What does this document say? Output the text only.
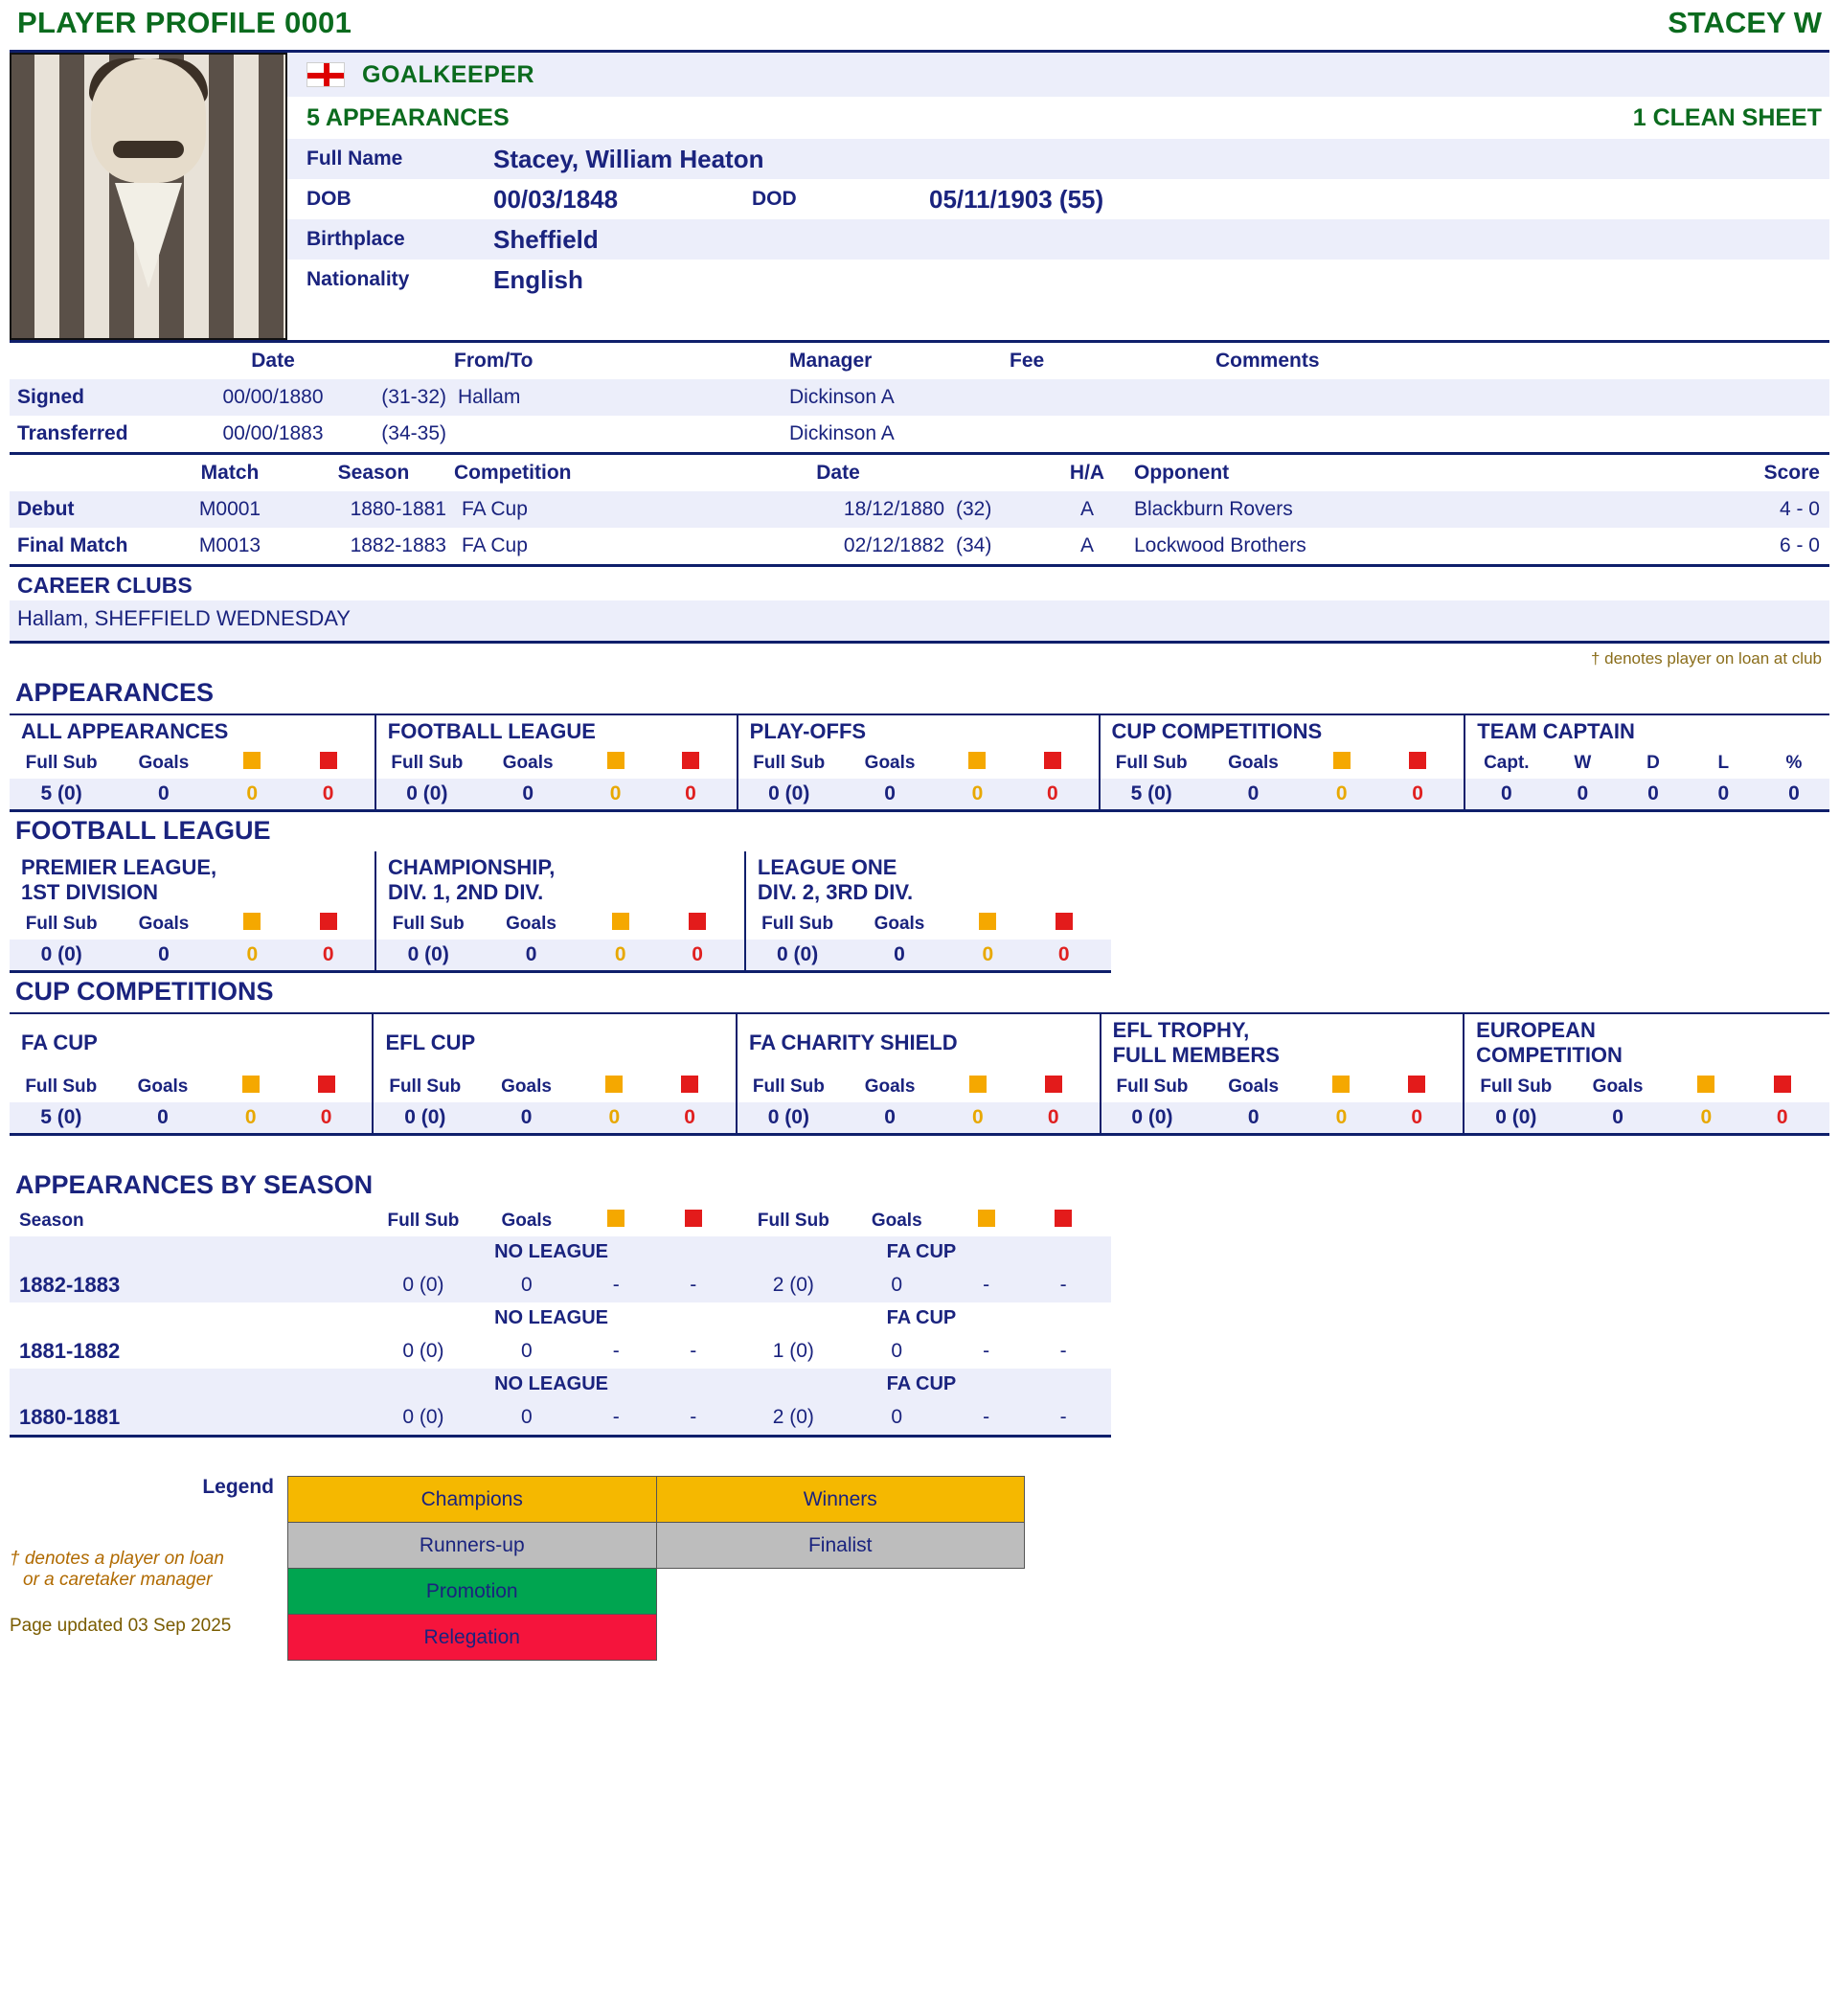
PLAYER PROFILE 0001	STACEY W
GOALKEEPER
5 APPEARANCES	1 CLEAN SHEET
Full Name	Stacey, William Heaton
DOB	00/03/1848	DOD	05/11/1903 (55)
Birthplace	Sheffield
Nationality	English
	Date		From/To	Manager	Fee	Comments
Signed	00/00/1880	(31-32)	Hallam	Dickinson A		
Transferred	00/00/1883	(34-35)		Dickinson A		
	Match	Season	Competition	Date		H/A	Opponent	Score
Debut	M0001	1880-1881	FA Cup	18/12/1880	(32)	A	Blackburn Rovers	4 - 0
Final Match	M0013	1882-1883	FA Cup	02/12/1882	(34)	A	Lockwood Brothers	6 - 0
CAREER CLUBS
Hallam, SHEFFIELD WEDNESDAY
† denotes player on loan at club
APPEARANCES
ALL APPEARANCES					FOOTBALL LEAGUE					PLAY-OFFS					CUP COMPETITIONS					TEAM CAPTAIN				
Full Sub	Goals				Full Sub	Goals				Full Sub	Goals				Full Sub	Goals				Capt.	W	D	L	%
5 (0)	0	0	0		0 (0)	0	0	0		0 (0)	0	0	0		5 (0)	0	0	0		0	0	0	0	0
FOOTBALL LEAGUE
PREMIER LEAGUE,
1ST DIVISION					CHAMPIONSHIP,
DIV. 1, 2ND DIV.					LEAGUE ONE
DIV. 2, 3RD DIV.				
Full Sub	Goals				Full Sub	Goals				Full Sub	Goals			
0 (0)	0	0	0		0 (0)	0	0	0		0 (0)	0	0	0	
CUP COMPETITIONS
FA CUP					EFL CUP					FA CHARITY SHIELD					EFL TROPHY,
FULL MEMBERS					EUROPEAN
COMPETITION				
Full Sub	Goals				Full Sub	Goals				Full Sub	Goals				Full Sub	Goals				Full Sub	Goals			
5 (0)	0	0	0		0 (0)	0	0	0		0 (0)	0	0	0		0 (0)	0	0	0		0 (0)	0	0	0	
APPEARANCES BY SEASON
Season	Full Sub	Goals				Full Sub	Goals			
	NO LEAGUE					FA CUP				
1882-1883	0 (0)	0	-	-		2 (0)	0	-	-	
	NO LEAGUE					FA CUP				
1881-1882	0 (0)	0	-	-		1 (0)	0	-	-	
	NO LEAGUE					FA CUP				
1880-1881	0 (0)	0	-	-		2 (0)	0	-	-	
Legend
† denotes a player on loan
or a caretaker manager
Page updated 03 Sep 2025
Champions	Winners
Runners-up	Finalist
Promotion	
Relegation	
